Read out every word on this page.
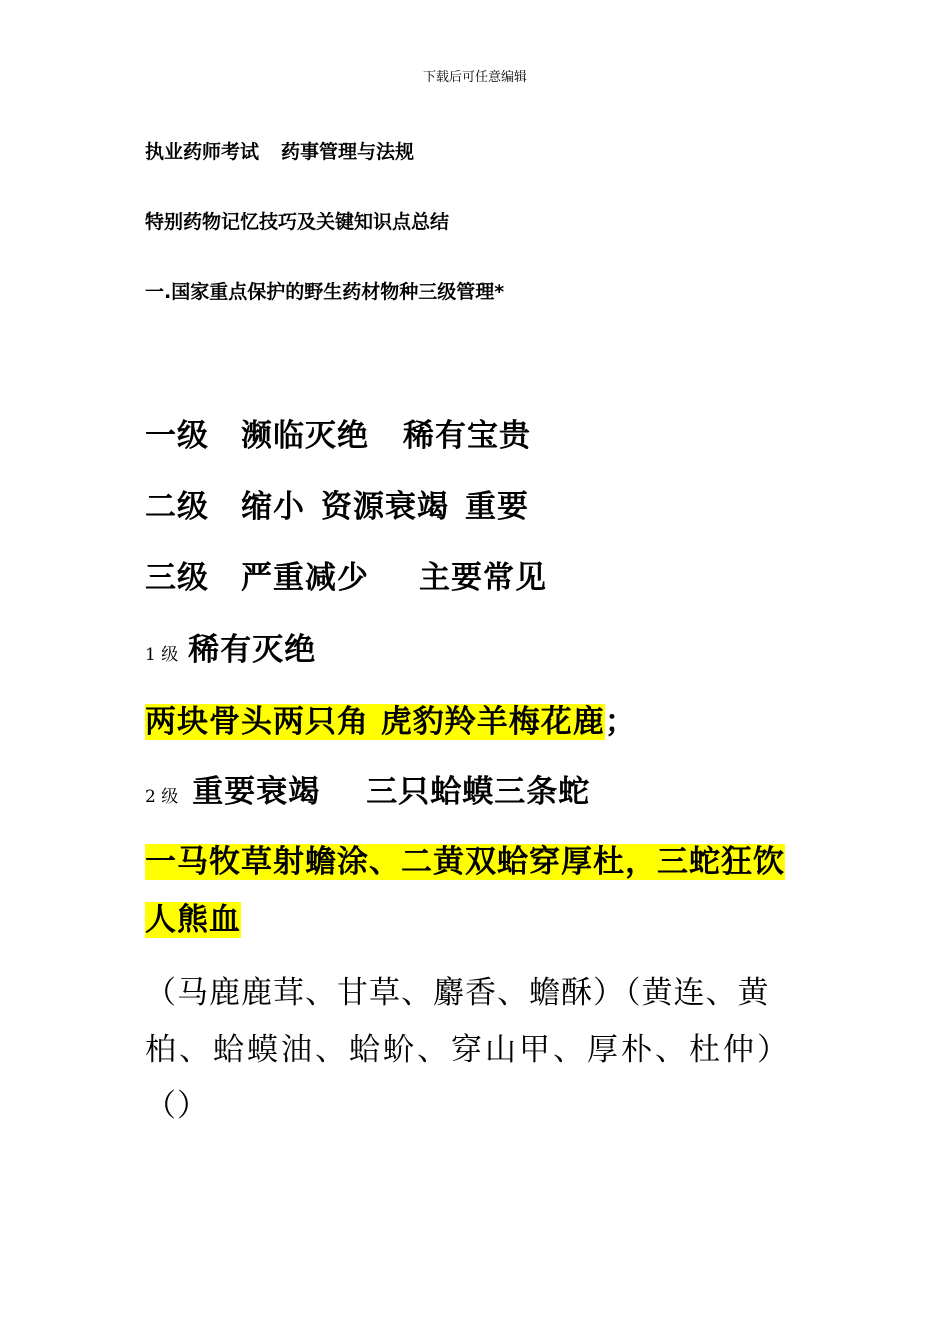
下载后可任意编辑
执业药师考试 药事管理与法规
特别药物记忆技巧及关键知识点总结
一.国家重点保护的野生药材物种三级管理*
一级 濒临灭绝 稀有宝贵
二级 缩小 资源衰竭 重要
三级 严重减少 主要常见
1 级 稀有灭绝
两块骨头两只角 虎豹羚羊梅花鹿；
2 级 重要衰竭 三只蛤蟆三条蛇
一马牧草射蟾涂、二黄双蛤穿厚杜，三蛇狂饮
人熊血
（马鹿鹿茸、甘草、麝香、蟾酥）（黄连、黄
柏、蛤蟆油、蛤蚧、穿山甲、厚朴、杜仲）
（）
